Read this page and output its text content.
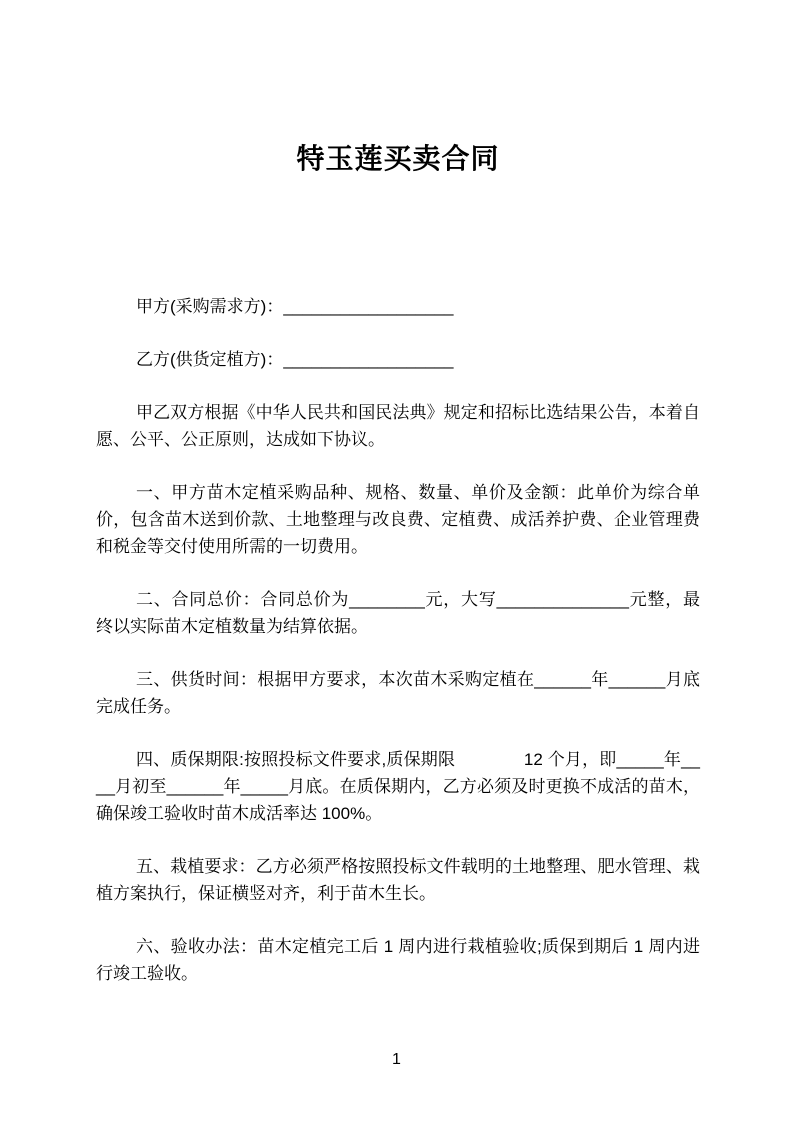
特玉莲买卖合同

甲方(采购需求方)：__________________

乙方(供货定植方)：__________________

甲乙双方根据《中华人民共和国民法典》规定和招标比选结果公告，本着自愿、公平、公正原则，达成如下协议。

一、甲方苗木定植采购品种、规格、数量、单价及金额：此单价为综合单价，包含苗木送到价款、土地整理与改良费、定植费、成活养护费、企业管理费和税金等交付使用所需的一切费用。

二、合同总价：合同总价为________元，大写______________元整，最终以实际苗木定植数量为结算依据。

三、供货时间：根据甲方要求，本次苗木采购定植在______年______月底完成任务。

四、质保期限:按照投标文件要求,质保期限　　　　12 个月，即_____年____月初至______年_____月底。在质保期内，乙方必须及时更换不成活的苗木，确保竣工验收时苗木成活率达 100%。

五、栽植要求：乙方必须严格按照投标文件载明的土地整理、肥水管理、栽植方案执行，保证横竖对齐，利于苗木生长。

六、验收办法：苗木定植完工后 1 周内进行栽植验收;质保到期后 1 周内进行竣工验收。

1
